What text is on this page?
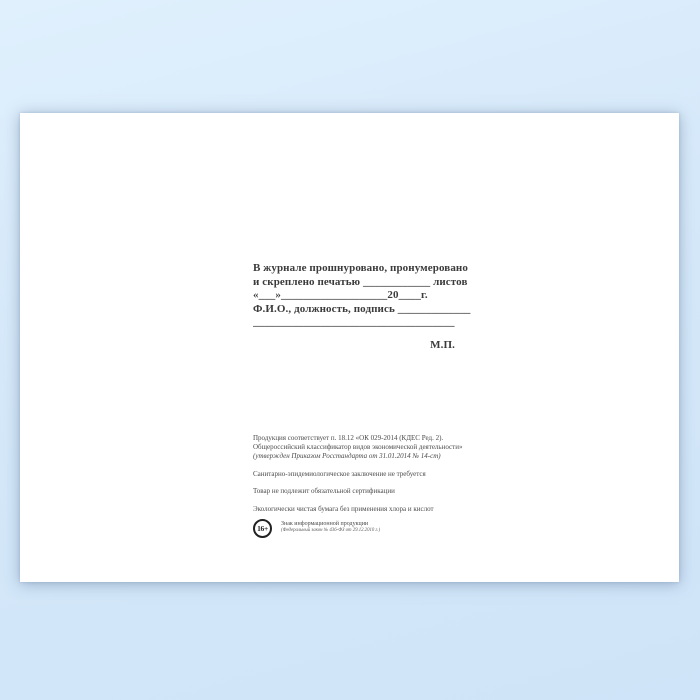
В журнале прошнуровано, пронумеровано
и скреплено печатью ____________ листов
«___»___________________20____г.
Ф.И.О., должность, подпись _____________
____________________________________
М.П.

Продукция соответствует п. 18.12 «ОК 029-2014 (КДЕС Ред. 2).

Общероссийский классификатор видов экономической деятельности»

(утвержден Приказом Росстандарта от 31.01.2014 № 14-ст)

Санитарно-эпидемиологическое заключение не требуется

Товар не подлежит обязательной сертификации

Экологически чистая бумага без применения хлора и кислот

16+	Знак информационной продукции
(Федеральный закон № 436-ФЗ от 29.12.2010 г.)
